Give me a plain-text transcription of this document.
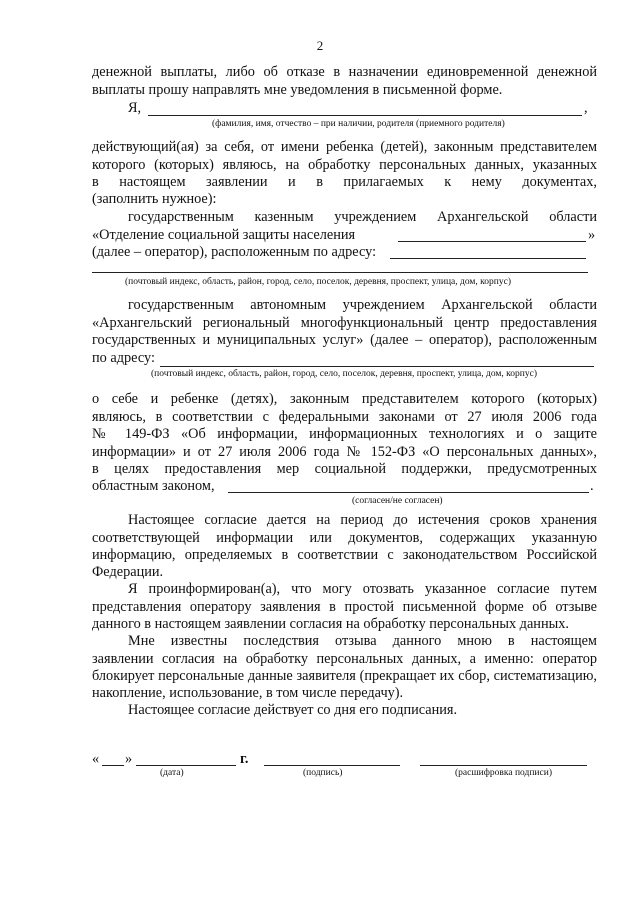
2
денежной выплаты, либо об отказе в назначении единовременной денежной
выплаты прошу направлять мне уведомления в письменной форме.
Я,	,
(фамилия, имя, отчество – при наличии, родителя (приемного родителя)
действующий(ая) за себя, от имени ребенка (детей), законным представителем
которого (которых) являюсь, на обработку персональных данных, указанных
в настоящем заявлении и в прилагаемых к нему документах,
(заполнить нужное):
государственным казенным учреждением Архангельской области
«Отделение социальной защиты населения	»
(далее – оператор), расположенным по адресу:
(почтовый индекс, область, район, город, село, поселок, деревня, проспект, улица, дом, корпус)
государственным автономным учреждением Архангельской области
«Архангельский региональный многофункциональный центр предоставления
государственных и муниципальных услуг» (далее – оператор), расположенным
по адресу:
(почтовый индекс, область, район, город, село, поселок, деревня, проспект, улица, дом, корпус)
о себе и ребенке (детях), законным представителем которого (которых)
являюсь, в соответствии с федеральными законами от 27 июля 2006 года
№ 149-ФЗ «Об информации, информационных технологиях и о защите
информации» и от 27 июля 2006 года № 152-ФЗ «О персональных данных»,
в целях предоставления мер социальной поддержки, предусмотренных
областным законом,	.
(согласен/не согласен)
Настоящее согласие дается на период до истечения сроков хранения
соответствующей информации или документов, содержащих указанную
информацию, определяемых в соответствии с законодательством Российской
Федерации.
Я проинформирован(а), что могу отозвать указанное согласие путем
представления оператору заявления в простой письменной форме об отзыве
данного в настоящем заявлении согласия на обработку персональных данных.
Мне известны последствия отзыва данного мною в настоящем
заявлении согласия на обработку персональных данных, а именно: оператор
блокирует персональные данные заявителя (прекращает их сбор, систематизацию,
накопление, использование, в том числе передачу).
Настоящее согласие действует со дня его подписания.
« »	г.
(дата)	(подпись)	(расшифровка подписи)
